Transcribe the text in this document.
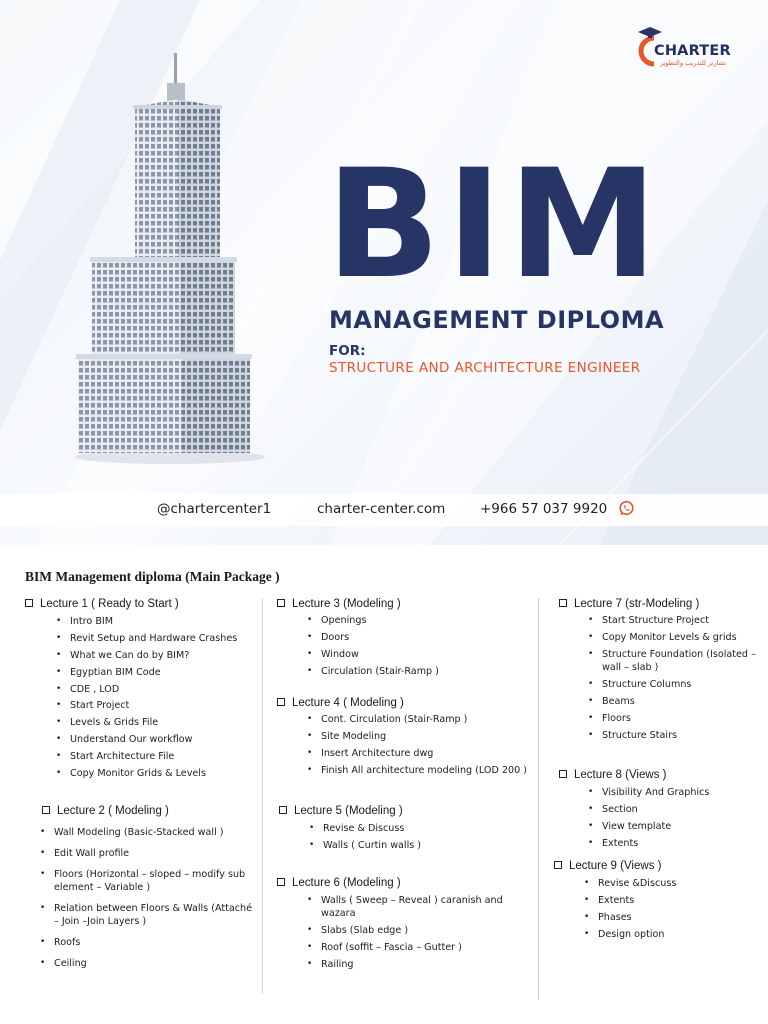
CHARTER
تشارتر للتدريب والتطوير
BIM
MANAGEMENT DIPLOMA
FOR:
STRUCTURE AND ARCHITECTURE ENGINEER
@chartercenter1	charter-center.com	+966 57 037 9920
BIM Management diploma (Main Package )
Lecture 1 ( Ready to Start )
• Intro BIM
• Revit Setup and Hardware Crashes
• What we Can do by BIM?
• Egyptian BIM Code
• CDE , LOD
• Start Project
• Levels & Grids File
• Understand Our workflow
• Start Architecture File
• Copy Monitor Grids & Levels
Lecture 2 ( Modeling )
• Wall Modeling (Basic-Stacked wall )
• Edit Wall profile
• Floors (Horizontal – sloped – modify sub element – Variable )
• Relation between Floors & Walls (Attaché – Join –Join Layers )
• Roofs
• Ceiling
Lecture 3 (Modeling )
• Openings
• Doors
• Window
• Circulation (Stair-Ramp )
Lecture 4 ( Modeling )
• Cont. Circulation (Stair-Ramp )
• Site Modeling
• Insert Architecture dwg
• Finish All architecture modeling (LOD 200 )
Lecture 5 (Modeling )
• Revise & Discuss
• Walls ( Curtin walls )
Lecture 6 (Modeling )
• Walls ( Sweep – Reveal ) caranish and wazara
• Slabs (Slab edge )
• Roof (soffit – Fascia – Gutter )
• Railing
Lecture 7 (str-Modeling )
• Start Structure Project
• Copy Monitor Levels & grids
• Structure Foundation (Isolated – wall – slab )
• Structure Columns
• Beams
• Floors
• Structure Stairs
Lecture 8 (Views )
• Visibility And Graphics
• Section
• View template
• Extents
Lecture 9 (Views )
• Revise &Discuss
• Extents
• Phases
• Design option
